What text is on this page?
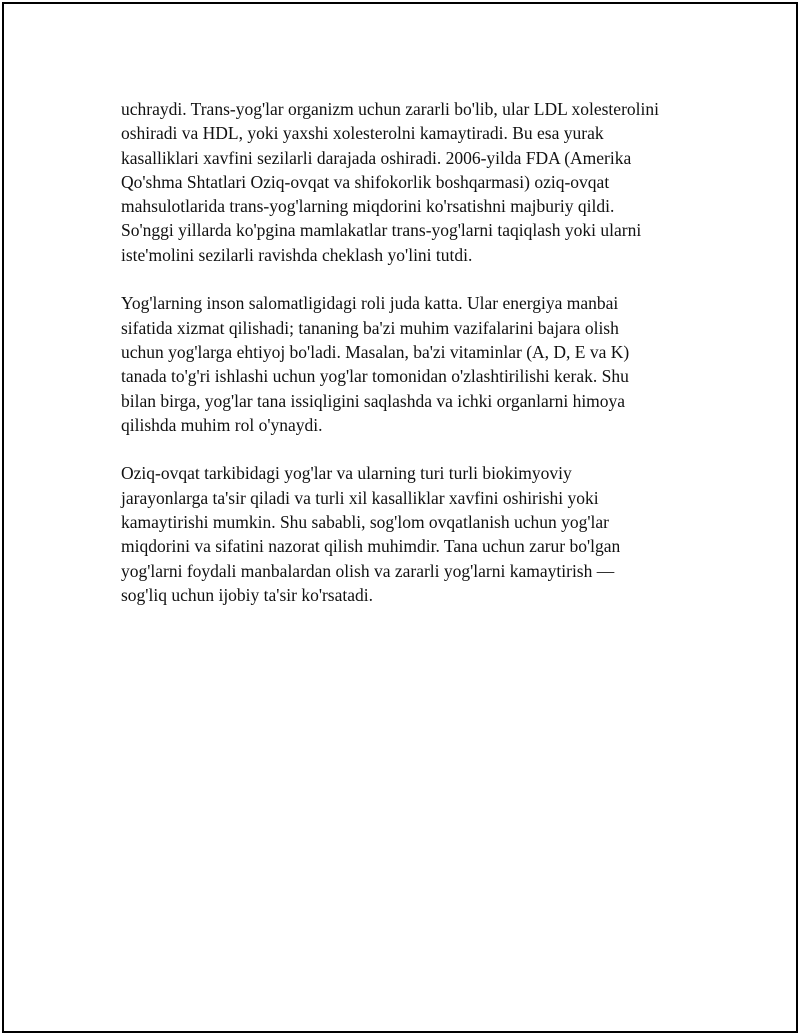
uchraydi. Trans-yog'lar organizm uchun zararli bo'lib, ular LDL xolesterolini
oshiradi va HDL, yoki yaxshi xolesterolni kamaytiradi. Bu esa yurak
kasalliklari xavfini sezilarli darajada oshiradi. 2006-yilda FDA (Amerika
Qo'shma Shtatlari Oziq-ovqat va shifokorlik boshqarmasi) oziq-ovqat
mahsulotlarida trans-yog'larning miqdorini ko'rsatishni majburiy qildi.
So'nggi yillarda ko'pgina mamlakatlar trans-yog'larni taqiqlash yoki ularni
iste'molini sezilarli ravishda cheklash yo'lini tutdi.

Yog'larning inson salomatligidagi roli juda katta. Ular energiya manbai
sifatida xizmat qilishadi; tananing ba'zi muhim vazifalarini bajara olish
uchun yog'larga ehtiyoj bo'ladi. Masalan, ba'zi vitaminlar (A, D, E va K)
tanada to'g'ri ishlashi uchun yog'lar tomonidan o'zlashtirilishi kerak. Shu
bilan birga, yog'lar tana issiqligini saqlashda va ichki organlarni himoya
qilishda muhim rol o'ynaydi.

Oziq-ovqat tarkibidagi yog'lar va ularning turi turli biokimyoviy
jarayonlarga ta'sir qiladi va turli xil kasalliklar xavfini oshirishi yoki
kamaytirishi mumkin. Shu sababli, sog'lom ovqatlanish uchun yog'lar
miqdorini va sifatini nazorat qilish muhimdir. Tana uchun zarur bo'lgan
yog'larni foydali manbalardan olish va zararli yog'larni kamaytirish —
sog'liq uchun ijobiy ta'sir ko'rsatadi.
